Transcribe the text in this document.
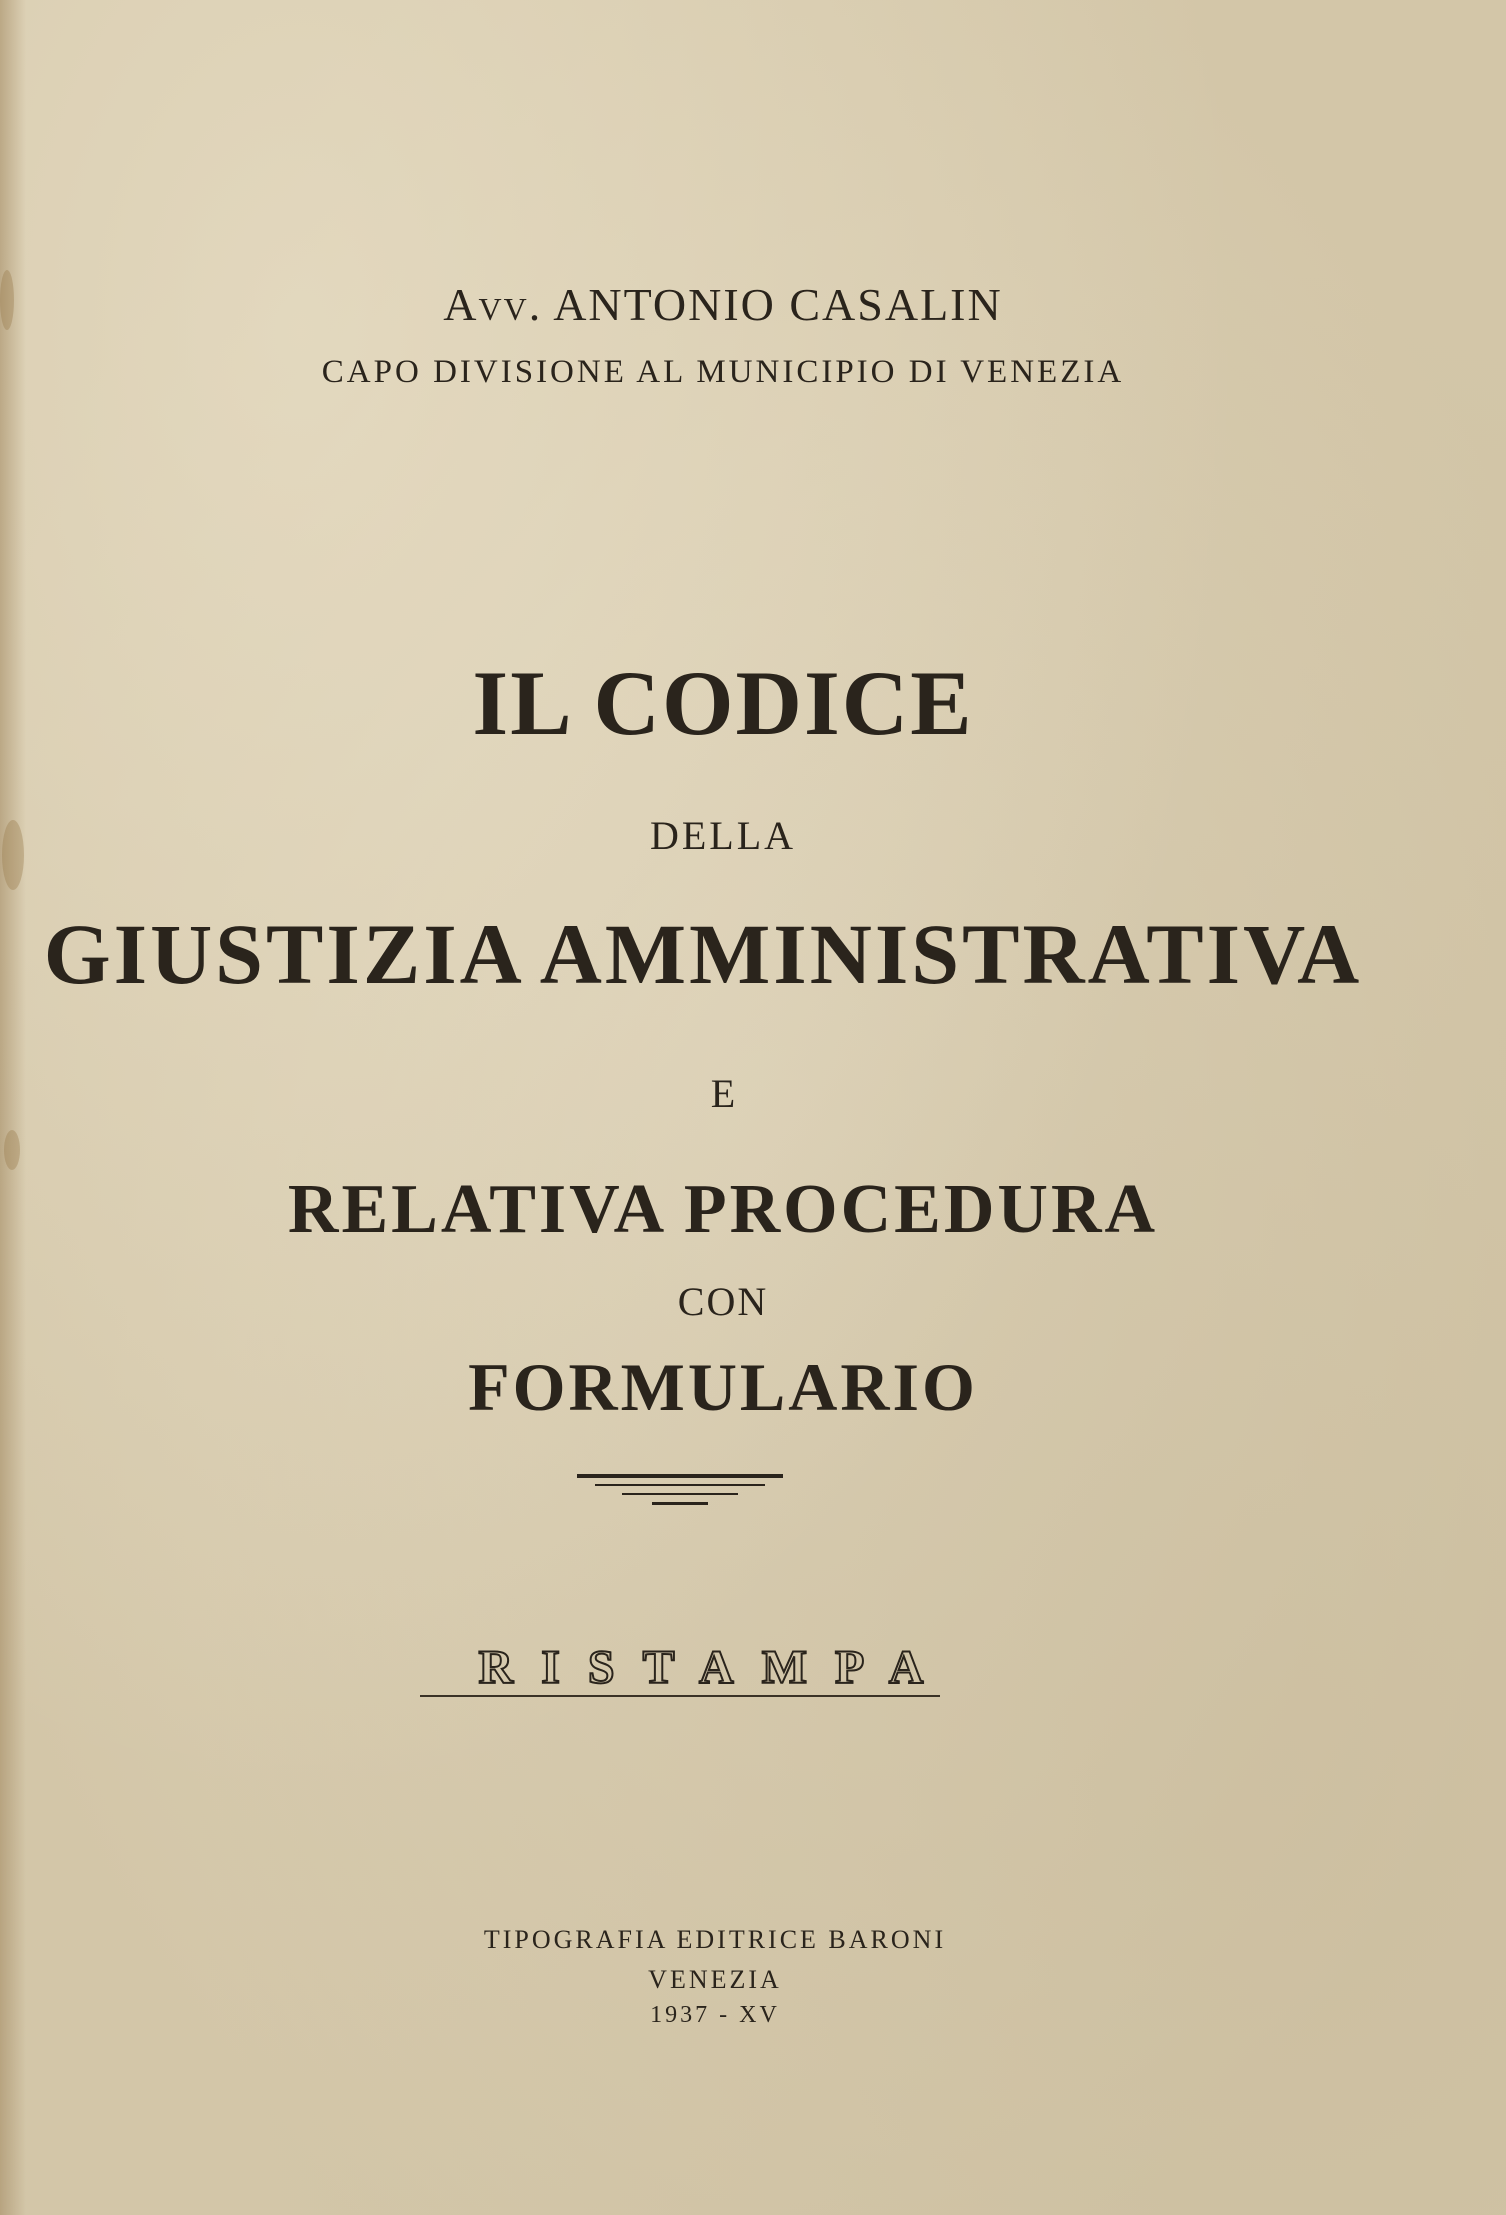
Avv. ANTONIO CASALIN

CAPO DIVISIONE AL MUNICIPIO DI VENEZIA

IL CODICE

DELLA

GIUSTIZIA AMMINISTRATIVA

E

RELATIVA PROCEDURA

CON

FORMULARIO

RISTAMPA

TIPOGRAFIA EDITRICE BARONI

VENEZIA

1937 - XV
